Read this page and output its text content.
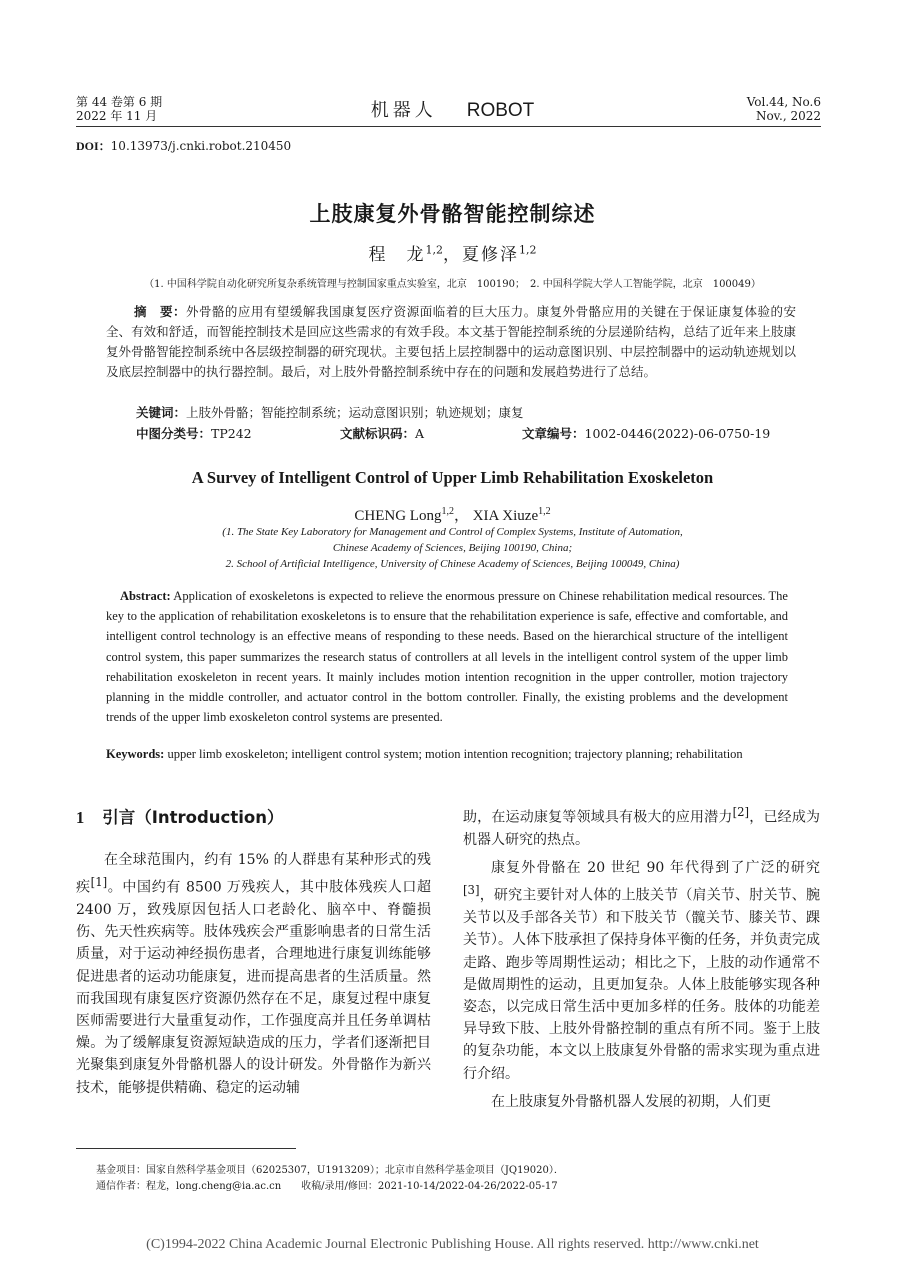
第 44 卷第 6 期
2022 年 11 月	机器人 ROBOT	Vol.44, No.6
Nov., 2022
DOI：10.13973/j.cnki.robot.210450
上肢康复外骨骼智能控制综述
程　龙$^{1,2}$，夏修泽$^{1,2}$
（1. 中国科学院自动化研究所复杂系统管理与控制国家重点实验室，北京　100190；　2. 中国科学院大学人工智能学院，北京　100049）
摘　要：外骨骼的应用有望缓解我国康复医疗资源面临着的巨大压力。康复外骨骼应用的关键在于保证康复体验的安全、有效和舒适，而智能控制技术是回应这些需求的有效手段。本文基于智能控制系统的分层递阶结构，总结了近年来上肢康复外骨骼智能控制系统中各层级控制器的研究现状。主要包括上层控制器中的运动意图识别、中层控制器中的运动轨迹规划以及底层控制器中的执行器控制。最后，对上肢外骨骼控制系统中存在的问题和发展趋势进行了总结。
关键词：上肢外骨骼；智能控制系统；运动意图识别；轨迹规划；康复
中图分类号：TP242	文献标识码：A	文章编号：1002-0446(2022)-06-0750-19
A Survey of Intelligent Control of Upper Limb Rehabilitation Exoskeleton
CHENG Long$^{1,2}$， XIA Xiuze$^{1,2}$
(1. The State Key Laboratory for Management and Control of Complex Systems, Institute of Automation,
Chinese Academy of Sciences, Beijing 100190, China;
2. School of Artificial Intelligence, University of Chinese Academy of Sciences, Beijing 100049, China)
Abstract: Application of exoskeletons is expected to relieve the enormous pressure on Chinese rehabilitation medical resources. The key to the application of rehabilitation exoskeletons is to ensure that the rehabilitation experience is safe, effective and comfortable, and intelligent control technology is an effective means of responding to these needs. Based on the hierarchical structure of the intelligent control system, this paper summarizes the research status of controllers at all levels in the intelligent control system of the upper limb rehabilitation exoskeleton in recent years. It mainly includes motion intention recognition in the upper controller, motion trajectory planning in the middle controller, and actuator control in the bottom controller. Finally, the existing problems and the development trends of the upper limb exoskeleton control systems are presented.
Keywords: upper limb exoskeleton; intelligent control system; motion intention recognition; trajectory planning; rehabilitation
1 引言（Introduction）

在全球范围内，约有 15% 的人群患有某种形式的残疾[1]。中国约有 8500 万残疾人，其中肢体残疾人口超 2400 万，致残原因包括人口老龄化、脑卒中、脊髓损伤、先天性疾病等。肢体残疾会严重影响患者的日常生活质量，对于运动神经损伤患者，合理地进行康复训练能够促进患者的运动功能康复，进而提高患者的生活质量。然而我国现有康复医疗资源仍然存在不足，康复过程中康复医师需要进行大量重复动作，工作强度高并且任务单调枯燥。为了缓解康复资源短缺造成的压力，学者们逐渐把目光聚集到康复外骨骼机器人的设计研发。外骨骼作为新兴技术，能够提供精确、稳定的运动辅

助，在运动康复等领域具有极大的应用潜力[2]，已经成为机器人研究的热点。

康复外骨骼在 20 世纪 90 年代得到了广泛的研究[3]，研究主要针对人体的上肢关节（肩关节、肘关节、腕关节以及手部各关节）和下肢关节（髋关节、膝关节、踝关节）。人体下肢承担了保持身体平衡的任务，并负责完成走路、跑步等周期性运动；相比之下，上肢的动作通常不是做周期性的运动，且更加复杂。人体上肢能够实现各种姿态，以完成日常生活中更加多样的任务。肢体的功能差异导致下肢、上肢外骨骼控制的重点有所不同。鉴于上肢的复杂功能，本文以上肢康复外骨骼的需求实现为重点进行介绍。

在上肢康复外骨骼机器人发展的初期，人们更

基金项目：国家自然科学基金项目（62025307，U1913209）；北京市自然科学基金项目（JQ19020）．
通信作者：程龙，long.cheng@ia.ac.cn　　收稿/录用/修回：2021-10-14/2022-04-26/2022-05-17
(C)1994-2022 China Academic Journal Electronic Publishing House. All rights reserved. http://www.cnki.net
